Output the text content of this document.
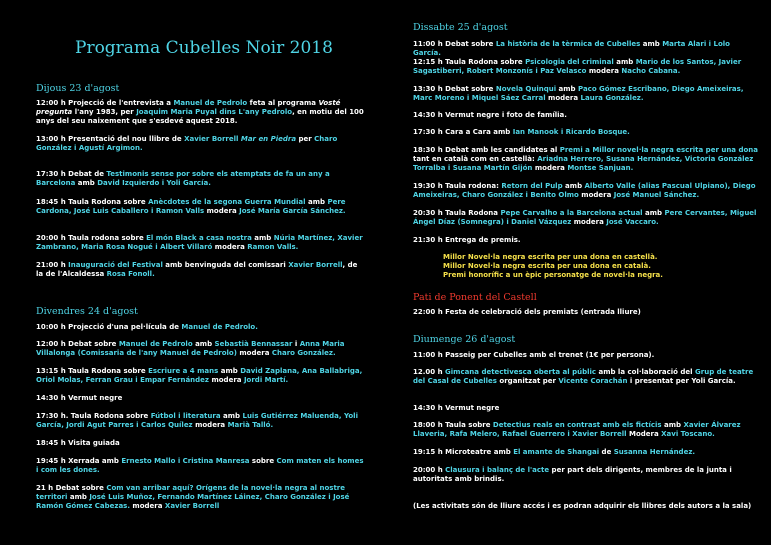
Programa Cubelles Noir 2018
Dijous 23 d'agost
12:00 h Projecció de l'entrevista a Manuel de Pedrolo feta al programa Vosté pregunta l'any 1983, per Joaquim Maria Puyal dins L'any Pedrolo, en motiu del 100 anys del seu naixement que s'esdevé aquest 2018.
13:00 h Presentació del nou llibre de Xavier Borrell Mar en Piedra per Charo González i Agustí Argimon.
17:30 h Debat de Testimonis sense por sobre els atemptats de fa un any a Barcelona amb David Izquierdo i Yoli García.
18:45 h Taula Rodona sobre Anècdotes de la segona Guerra Mundial amb Pere Cardona, José Luis Caballero i Ramon Valls modera José María García Sánchez.
20:00 h Taula rodona sobre El món Black a casa nostra amb Núria Martínez, Xavier Zambrano, Maria Rosa Nogué i Albert Villaró modera Ramon Valls.
21:00 h Inauguració del Festival amb benvinguda del comissari Xavier Borrell, de la de l'Alcaldessa Rosa Fonoll.
Divendres 24 d'agost
10:00 h Projecció d'una pel·lícula de Manuel de Pedrolo.
12:00 h Debat sobre Manuel de Pedrolo amb Sebastià Bennassar i Anna Maria Villalonga (Comissaria de l'any Manuel de Pedrolo) modera Charo González.
13:15 h Taula Rodona sobre Escriure a 4 mans amb David Zaplana, Ana Ballabriga, Oriol Molas, Ferran Grau i Empar Fernández modera Jordi Martí.
14:30 h Vermut negre
17:30 h. Taula Rodona sobre Fútbol i literatura amb Luis Gutiérrez Maluenda, Yoli García, Jordi Agut Parres i Carlos Quílez modera Marià Talló.
18:45 h Visita guiada
19:45 h Xerrada amb Ernesto Mallo i Cristina Manresa sobre Com maten els homes i com les dones.
21 h Debat sobre Com van arribar aquí? Orígens de la novel·la negra al nostre territori amb José Luis Muñoz, Fernando Martínez Láinez, Charo González i José Ramón Gómez Cabezas. modera Xavier Borrell
Dissabte 25 d'agost
11:00 h Debat sobre La història de la tèrmica de Cubelles amb Marta Alari i Lolo García.
12:15 h Taula Rodona sobre Psicologia del criminal amb Mario de los Santos, Javier Sagastiberri, Robert Monzonís i Paz Velasco modera Nacho Cabana.
13:30 h Debat sobre Novela Quinqui amb Paco Gómez Escribano, Diego Ameixeiras, Marc Moreno i Miquel Sáez Carral modera Laura González.
14:30 h Vermut negre i foto de família.
17:30 h Cara a Cara amb Ian Manook i Ricardo Bosque.
18:30 h Debat amb les candidates al Premi a Millor novel·la negra escrita per una dona tant en català com en castellà: Ariadna Herrero, Susana Hernández, Victoria González Torralba i Susana Martín Gijón modera Montse Sanjuan.
19:30 h Taula rodona: Retorn del Pulp amb Alberto Valle (alias Pascual Ulpiano), Diego Ameixeiras, Charo González i Benito Olmo modera José Manuel Sánchez.
20:30 h Taula Rodona Pepe Carvalho a la Barcelona actual amb Pere Cervantes, Miguel Ángel Díaz (Somnegra) i Daniel Vázquez modera José Vaccaro.
21:30 h Entrega de premis.
Millor Novel·la negra escrita per una dona en castellà.
Millor Novel·la negra escrita per una dona en català.
Premi honorífic a un èpic personatge de novel·la negra.
Pati de Ponent del Castell
22:00 h Festa de celebració dels premiats (entrada lliure)
Diumenge 26 d'agost
11:00 h Passeig per Cubelles amb el trenet (1€ per persona).
12.00 h Gimcana detectivesca oberta al públic amb la col·laboració del Grup de teatre del Casal de Cubelles organitzat per Vicente Corachán i presentat per Yoli García.
14:30 h Vermut negre
18:00 h Taula sobre Detectius reals en contrast amb els fictícis amb Xavier Álvarez Llaveria, Rafa Melero, Rafael Guerrero i Xavier Borrell Modera Xavi Toscano.
19:15 h Microteatre amb El amante de Shangai de Susanna Hernández.
20:00 h Clausura i balanç de l'acte per part dels dirigents, membres de la junta i autoritats amb brindis.
(Les activitats són de lliure accés i es podran adquirir els llibres dels autors a la sala)
